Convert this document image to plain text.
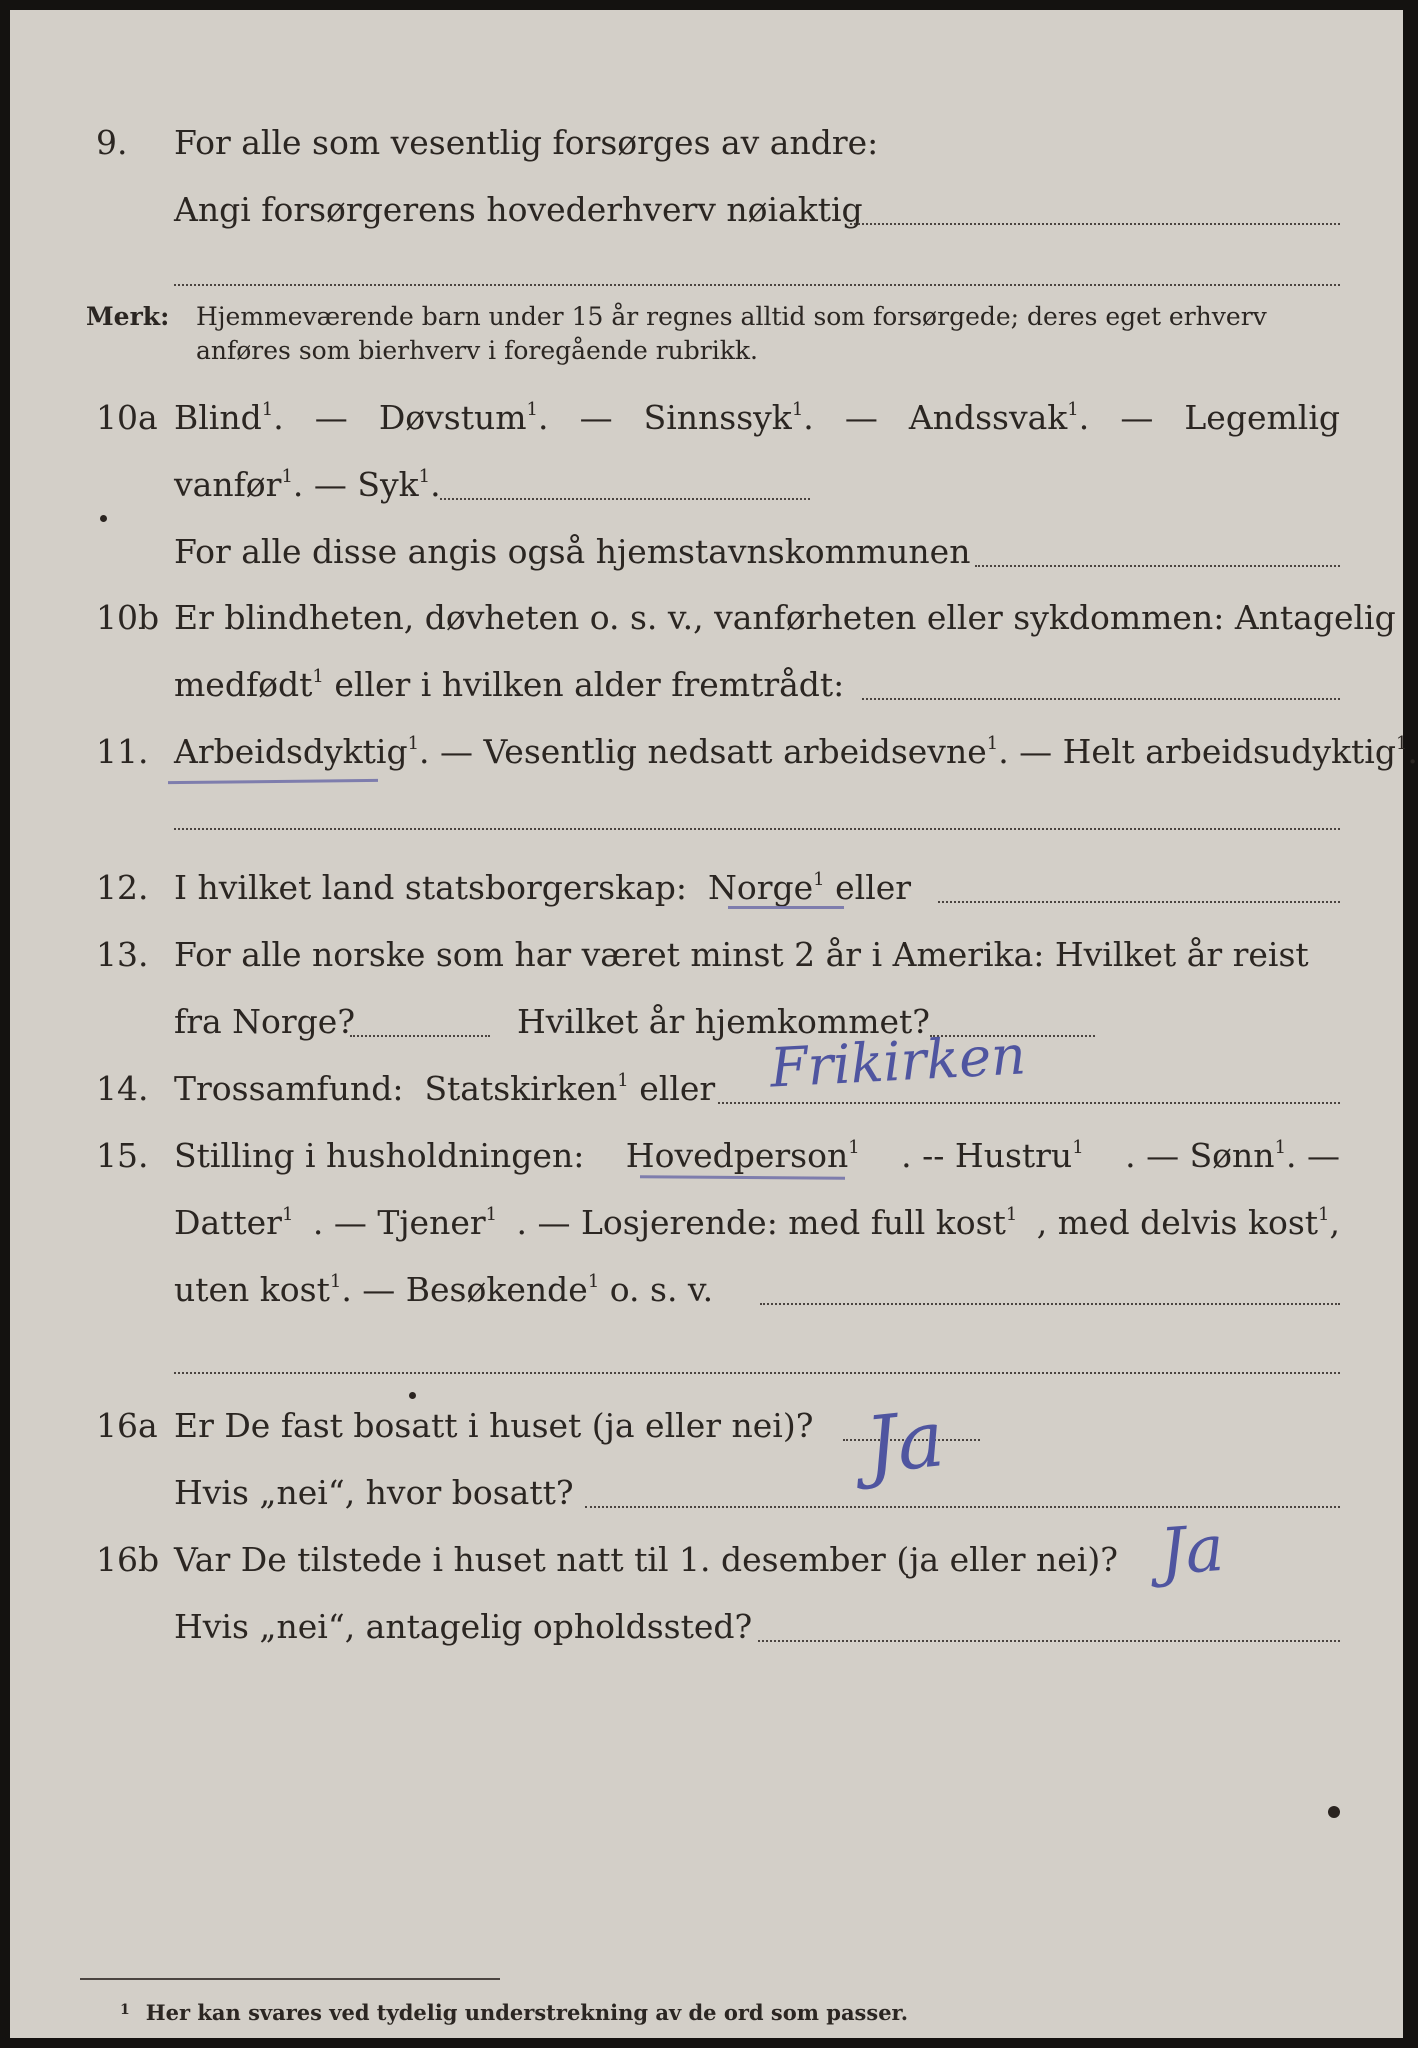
9. For alle som vesentlig forsørges av andre:
Angi forsørgerens hovederhverv nøiaktig
Merk: Hjemmeværende barn under 15 år regnes alltid som forsørgede; deres eget erhverv
anføres som bierhverv i foregående rubrikk.
10a Blind$^1$. — Døvstum$^1$. — Sinnssyk$^1$. — Andssvak$^1$. — Legemlig
vanfør$^1$. — Syk$^1$.
For alle disse angis også hjemstavnskommunen
10b Er blindheten, døvheten o. s. v., vanførheten eller sykdommen: Antagelig
medfødt$^1$ eller i hvilken alder fremtrådt:
11. Arbeidsdyktig$^1$. — Vesentlig nedsatt arbeidsevne$^1$. — Helt arbeidsudyktig$^1$.
12. I hvilket land statsborgerskap: Norge$^1$ eller
13. For alle norske som har været minst 2 år i Amerika: Hvilket år reist
fra Norge?	Hvilket år hjemkommet?
14. Trossamfund: Statskirken$^1$ eller Frikirken
15. Stilling i husholdningen: Hovedperson$^1$ . -- Hustru$^1$ . — Sønn$^1$. —
Datter$^1$ . — Tjener$^1$ . — Losjerende: med full kost$^1$ , med delvis kost$^1$,
uten kost$^1$. — Besøkende$^1$ o. s. v.
16a Er De fast bosatt i huset (ja eller nei)? Ja
Hvis „nei“, hvor bosatt?
16b Var De tilstede i huset natt til 1. desember (ja eller nei)? Ja
Hvis „nei“, antagelig opholdssted?
$^1$ Her kan svares ved tydelig understrekning av de ord som passer.
